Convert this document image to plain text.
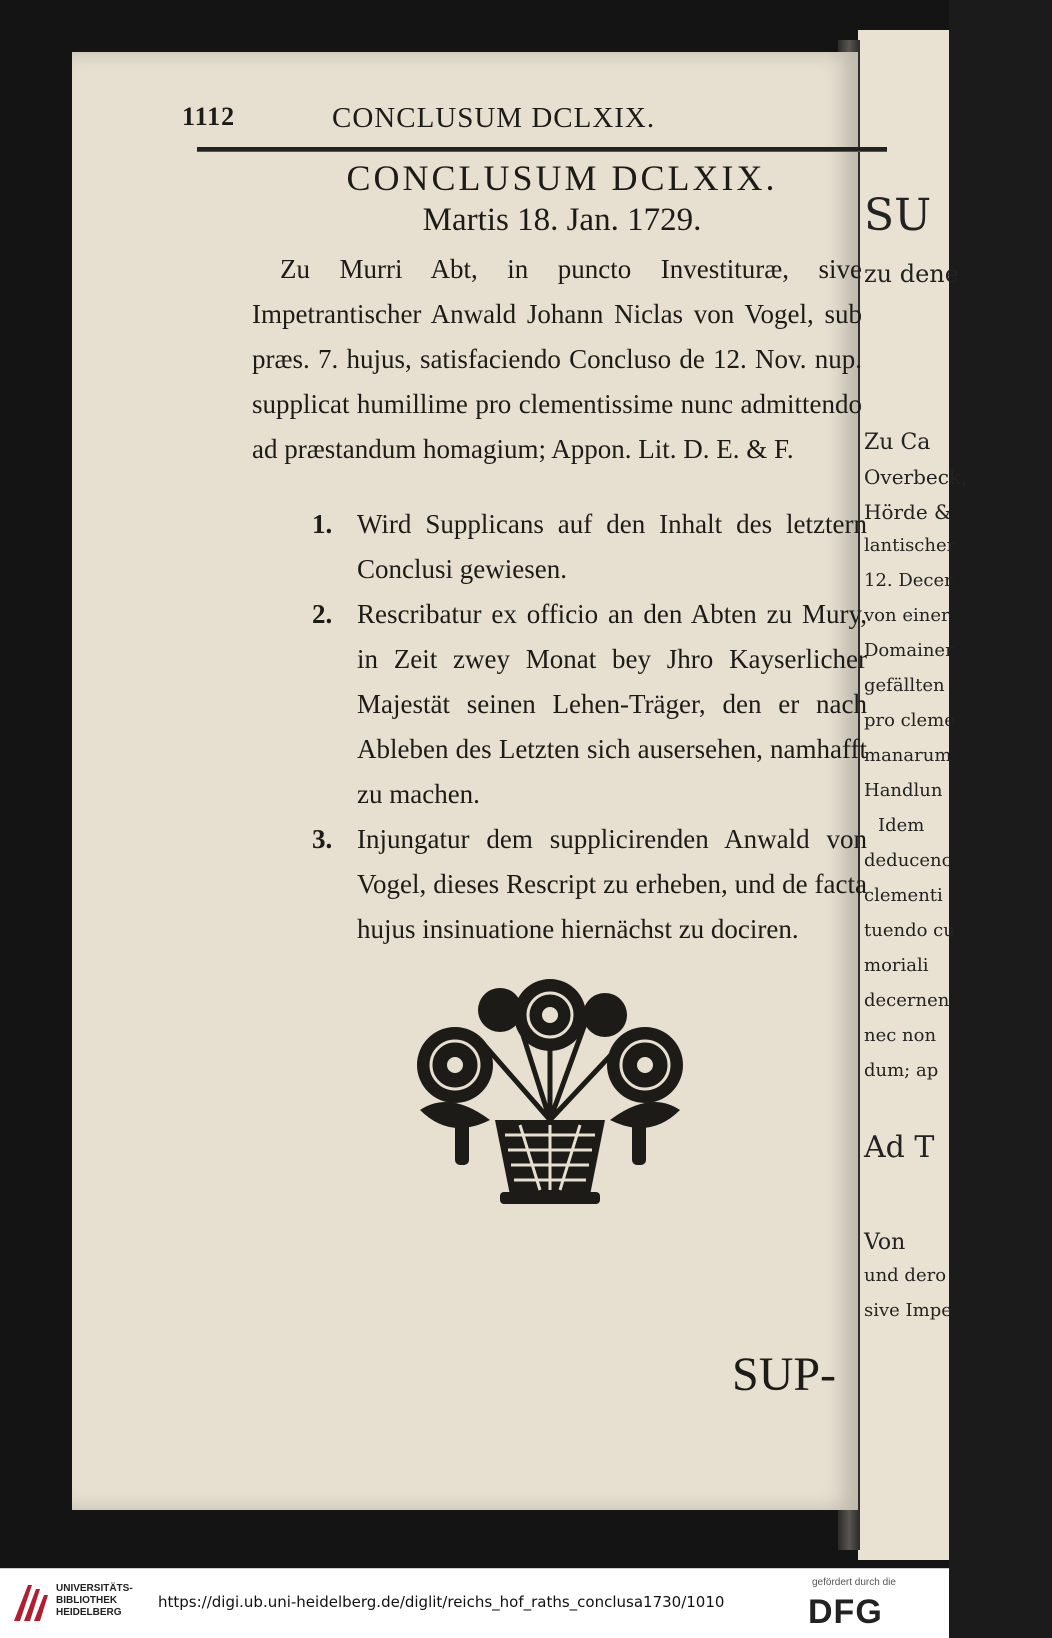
SU
zu dene
Zu Ca
Overbeck,
Hörde &
lantischer
12. Decer
von einer
Domainer
gefällten
pro cleme
manarum
Handlun
Idem
deducenc
clementi
tuendo cu
moriali
decernen
nec non
dum; ap
Ad T
Von
und dero
sive Impe
1112	CONCLUSUM DCLXIX.
CONCLUSUM DCLXIX.
Martis 18. Jan. 1729.

Zu Murri Abt, in puncto Investituræ, sive Impetrantischer Anwald Johann Niclas von Vogel, sub præs. 7. hujus, satisfaciendo Concluso de 12. Nov. nup. supplicat humillime pro clementissime nunc admittendo ad præstandum homagium; Appon. Lit. D. E. & F.

1. Wird Supplicans auf den Inhalt des letztern Conclusi gewiesen.

2. Rescribatur ex officio an den Abten zu Mury, in Zeit zwey Monat bey Jhro Kayserlicher Majestät seinen Lehen-Träger, den er nach Ableben des Letzten sich ausersehen, namhafft zu machen.

3. Injungatur dem supplicirenden Anwald von Vogel, dieses Rescript zu erheben, und de facta hujus insinuatione hiernächst zu dociren.

SUP-
UNIVERSITÄTS-
BIBLIOTHEK
HEIDELBERG
https://digi.ub.uni-heidelberg.de/diglit/reichs_hof_raths_conclusa1730/1010
gefördert durch die
DFG
